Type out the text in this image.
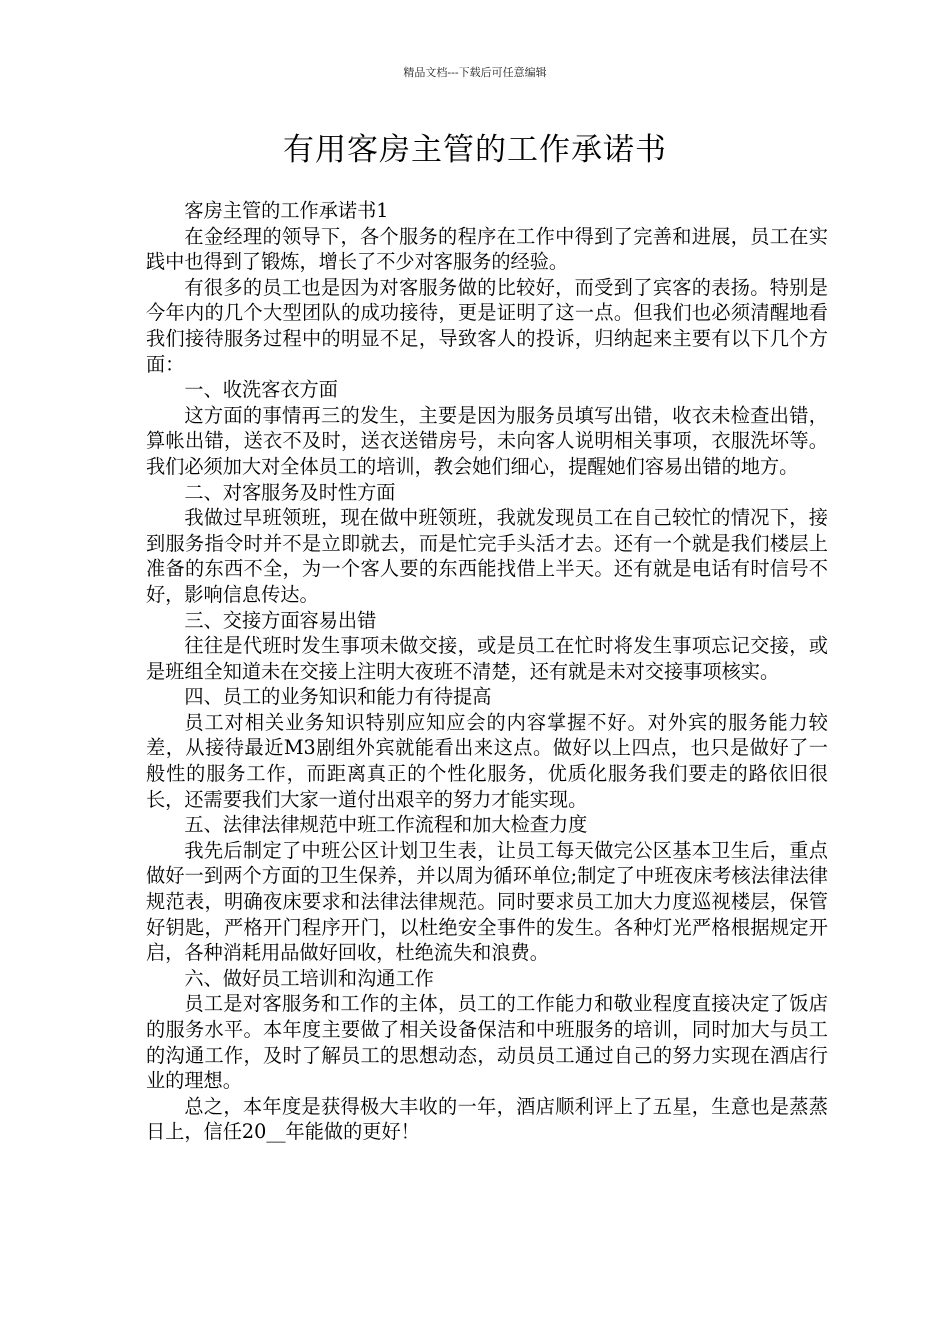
精品文档---下载后可任意编辑
有用客房主管的工作承诺书

客房主管的工作承诺书1

在金经理的领导下，各个服务的程序在工作中得到了完善和进展，员工在实践中也得到了锻炼，增长了不少对客服务的经验。

有很多的员工也是因为对客服务做的比较好，而受到了宾客的表扬。特别是今年内的几个大型团队的成功接待，更是证明了这一点。但我们也必须清醒地看我们接待服务过程中的明显不足，导致客人的投诉，归纳起来主要有以下几个方面：

一、收洗客衣方面

这方面的事情再三的发生，主要是因为服务员填写出错，收衣未检查出错，算帐出错，送衣不及时，送衣送错房号，未向客人说明相关事项，衣服洗坏等。我们必须加大对全体员工的培训，教会她们细心，提醒她们容易出错的地方。

二、对客服务及时性方面

我做过早班领班，现在做中班领班，我就发现员工在自己较忙的情况下，接到服务指令时并不是立即就去，而是忙完手头活才去。还有一个就是我们楼层上准备的东西不全，为一个客人要的东西能找借上半天。还有就是电话有时信号不好，影响信息传达。

三、交接方面容易出错

往往是代班时发生事项未做交接，或是员工在忙时将发生事项忘记交接，或是班组全知道未在交接上注明大夜班不清楚，还有就是未对交接事项核实。

四、员工的业务知识和能力有待提高

员工对相关业务知识特别应知应会的内容掌握不好。对外宾的服务能力较差，从接待最近M3剧组外宾就能看出来这点。做好以上四点，也只是做好了一般性的服务工作，而距离真正的个性化服务，优质化服务我们要走的路依旧很长，还需要我们大家一道付出艰辛的努力才能实现。

五、法律法律规范中班工作流程和加大检查力度

我先后制定了中班公区计划卫生表，让员工每天做完公区基本卫生后，重点做好一到两个方面的卫生保养，并以周为循环单位;制定了中班夜床考核法律法律规范表，明确夜床要求和法律法律规范。同时要求员工加大力度巡视楼层，保管好钥匙，严格开门程序开门，以杜绝安全事件的发生。各种灯光严格根据规定开启，各种消耗用品做好回收，杜绝流失和浪费。

六、做好员工培训和沟通工作

员工是对客服务和工作的主体，员工的工作能力和敬业程度直接决定了饭店的服务水平。本年度主要做了相关设备保洁和中班服务的培训，同时加大与员工的沟通工作，及时了解员工的思想动态，动员员工通过自己的努力实现在酒店行业的理想。

总之，本年度是获得极大丰收的一年，酒店顺利评上了五星，生意也是蒸蒸日上，信任20__年能做的更好！
